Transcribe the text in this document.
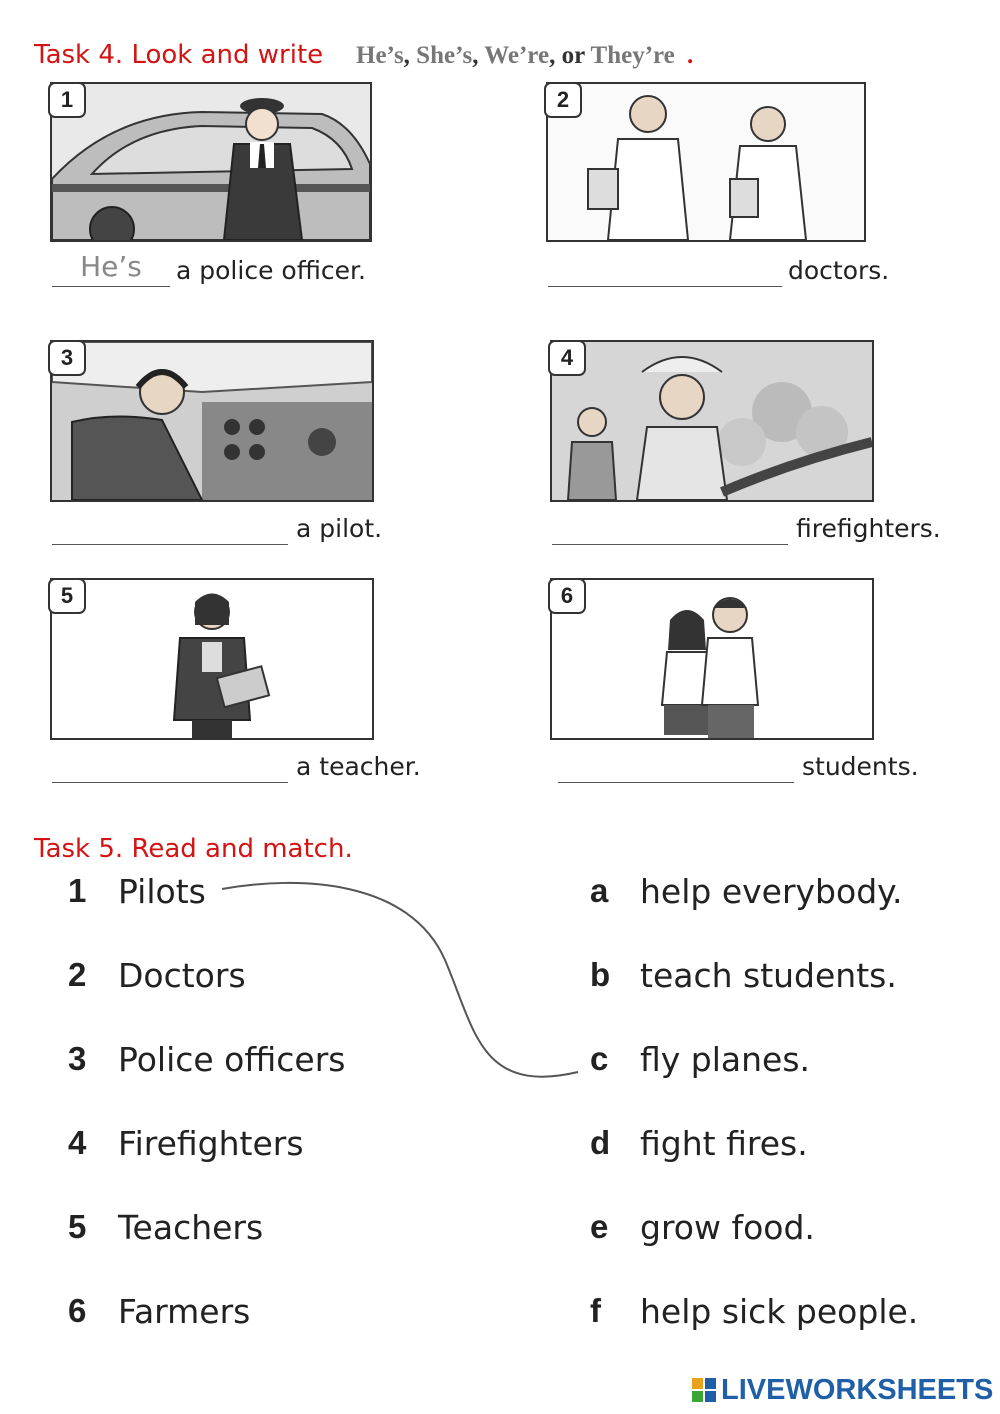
Task 4. Look and write He’s, She’s, We’re, or They’re .
1
He’s	a police officer.
2
doctors.
3
a pilot.
4
firefighters.
5
a teacher.
6
students.
Task 5. Read and match.
1 Pilots
2 Doctors
3 Police officers
4 Firefighters
5 Teachers
6 Farmers
a help everybody.
b teach students.
c fly planes.
d fight fires.
e grow food.
f help sick people.
LIVEWORKSHEETS
